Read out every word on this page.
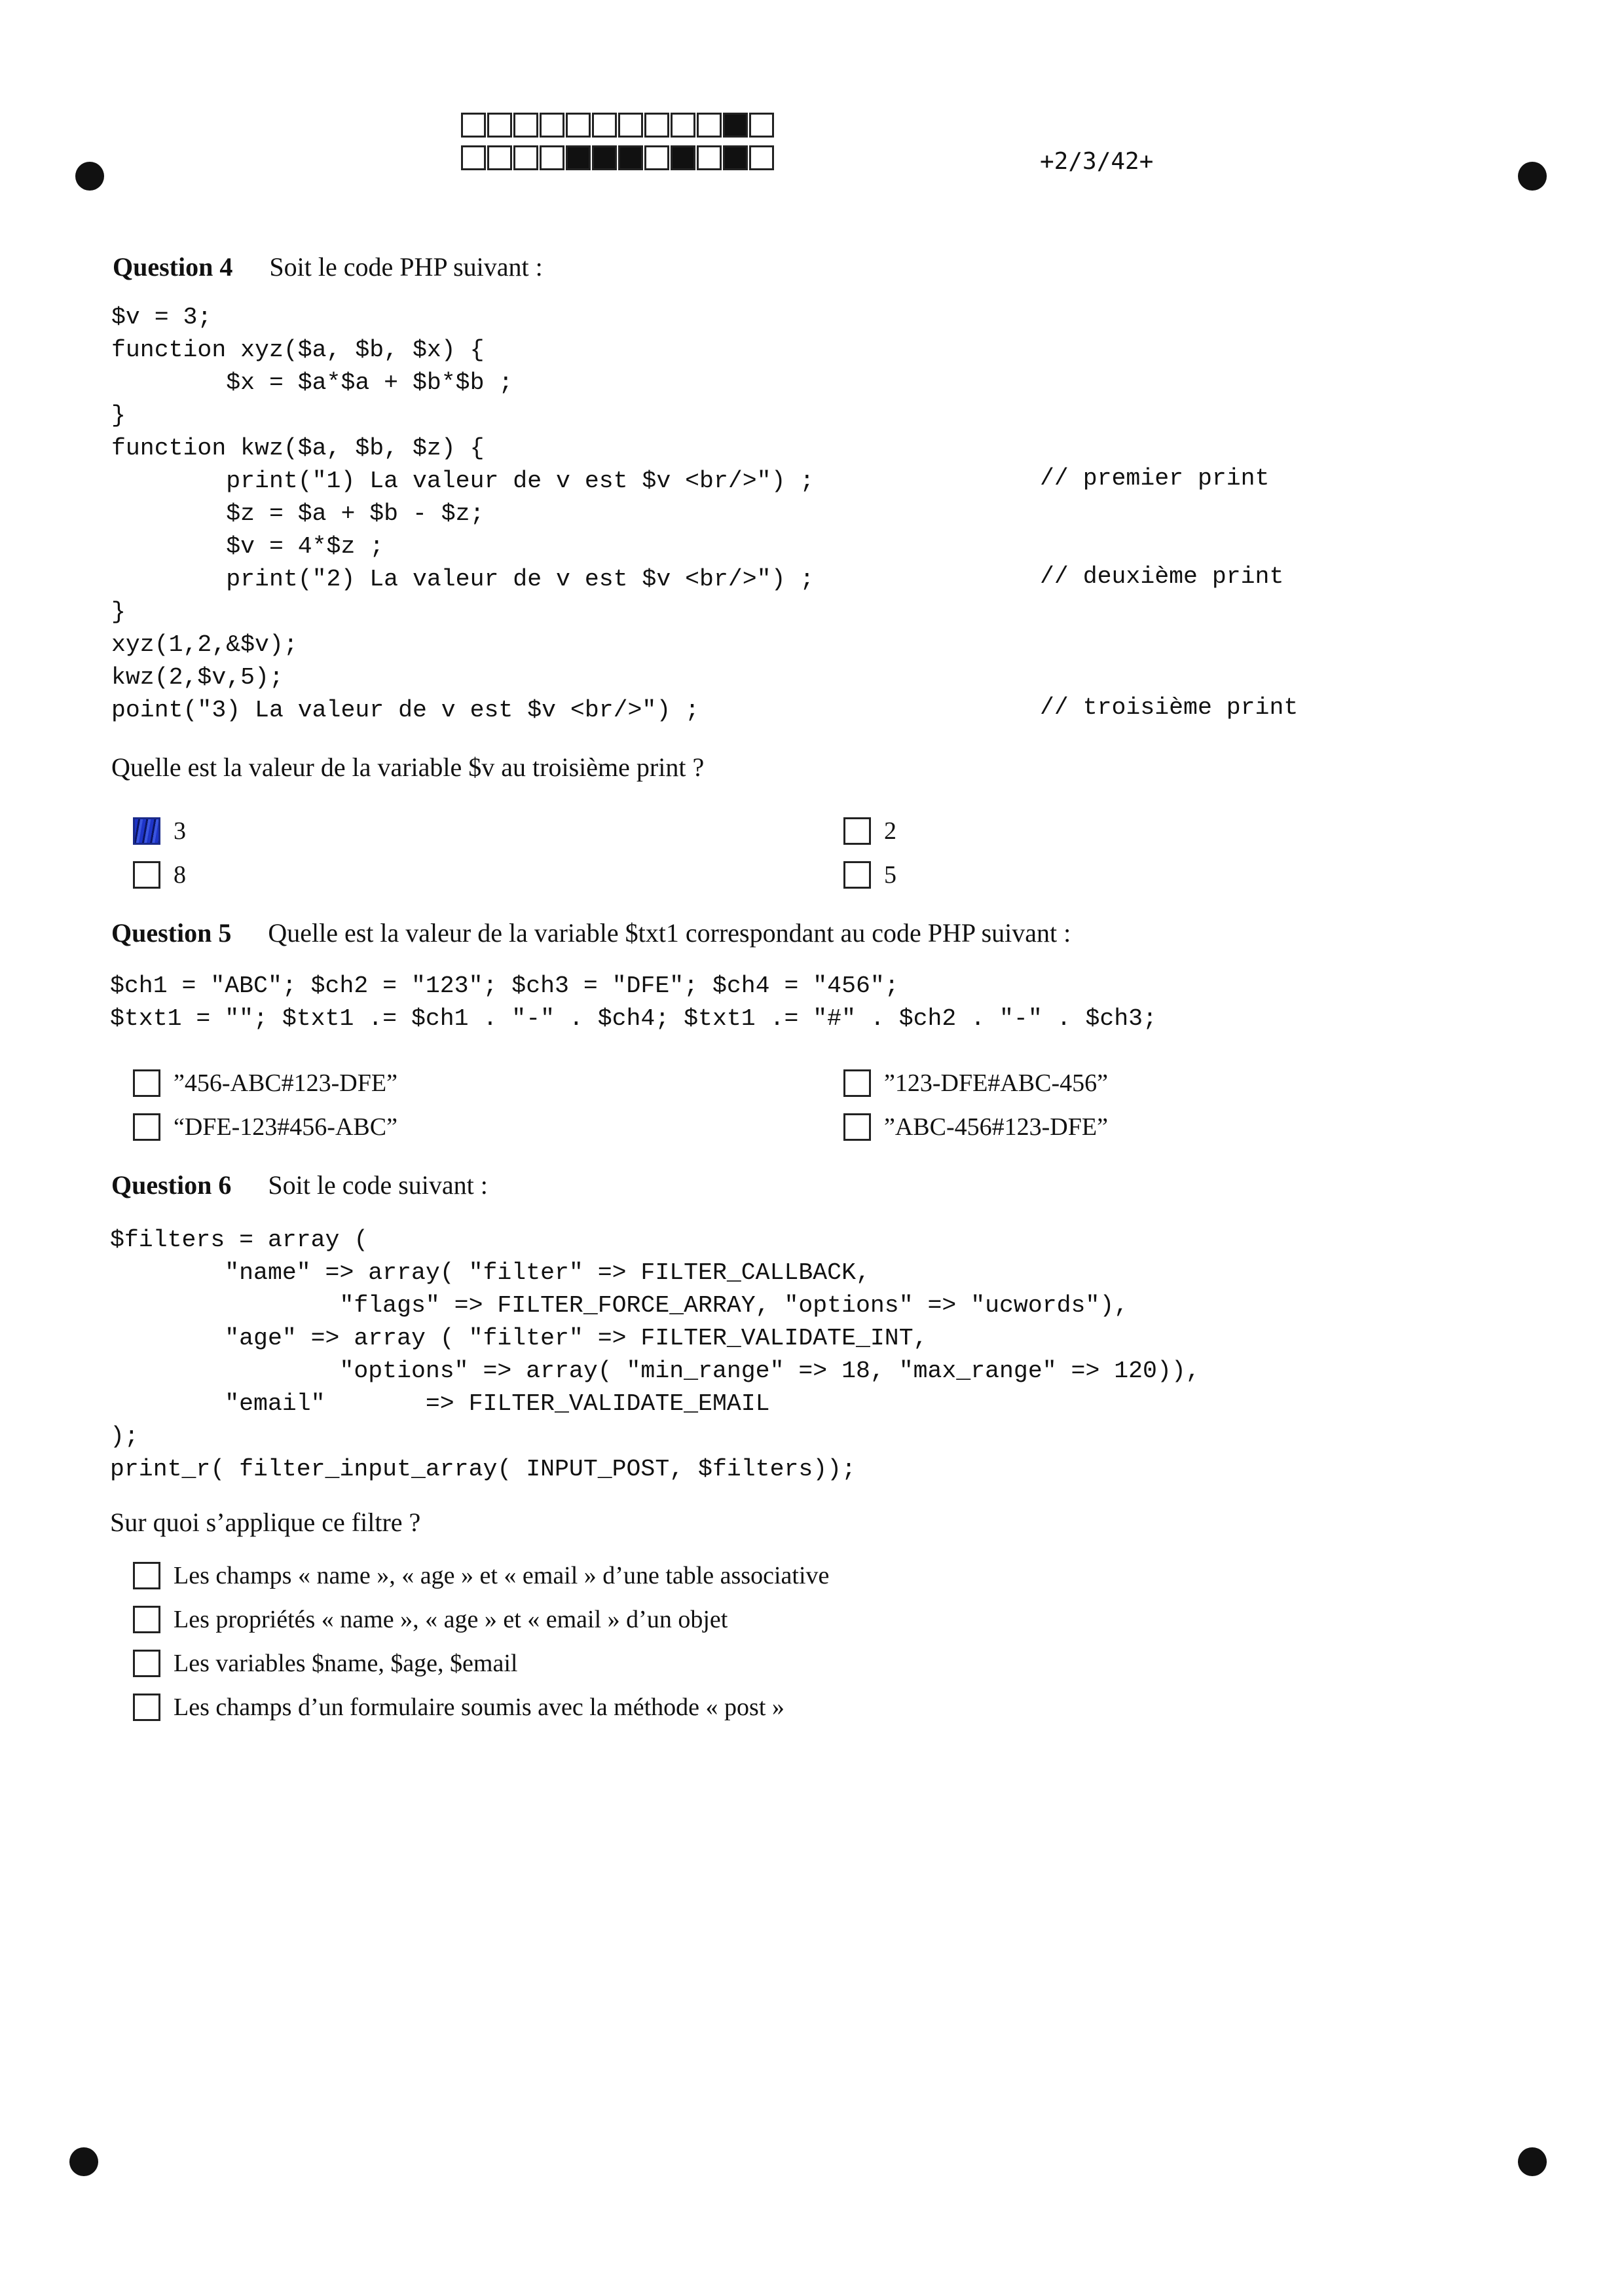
+2/3/42+
Question 4 Soit le code PHP suivant :
$v = 3;
function xyz($a, $b, $x) {
$x = $a*$a + $b*$b ;
}
function kwz($a, $b, $z) {
print("1) La valeur de v est $v <br/>") ;
$z = $a + $b - $z;
$v = 4*$z ;
print("2) La valeur de v est $v <br/>") ;
}
xyz(1,2,&$v);
kwz(2,$v,5);
point("3) La valeur de v est $v <br/>") ;
// premier print
// deuxième print
// troisième print
Quelle est la valeur de la variable $v au troisième print ?
3	2
8	5
Question 5 Quelle est la valeur de la variable $txt1 correspondant au code PHP suivant :
$ch1 = "ABC"; $ch2 = "123"; $ch3 = "DFE"; $ch4 = "456";
$txt1 = ""; $txt1 .= $ch1 . "-" . $ch4; $txt1 .= "#" . $ch2 . "-" . $ch3;
”456-ABC#123-DFE”	”123-DFE#ABC-456”
“DFE-123#456-ABC”	”ABC-456#123-DFE”
Question 6 Soit le code suivant :
$filters = array (
"name" => array( "filter" => FILTER_CALLBACK,
"flags" => FILTER_FORCE_ARRAY, "options" => "ucwords"),
"age" => array ( "filter" => FILTER_VALIDATE_INT,
"options" => array( "min_range" => 18, "max_range" => 120)),
"email"       => FILTER_VALIDATE_EMAIL
);
print_r( filter_input_array( INPUT_POST, $filters));
Sur quoi s’applique ce filtre ?
Les champs « name », « age » et « email » d’une table associative
Les propriétés « name », « age » et « email » d’un objet
Les variables $name, $age, $email
Les champs d’un formulaire soumis avec la méthode « post »
